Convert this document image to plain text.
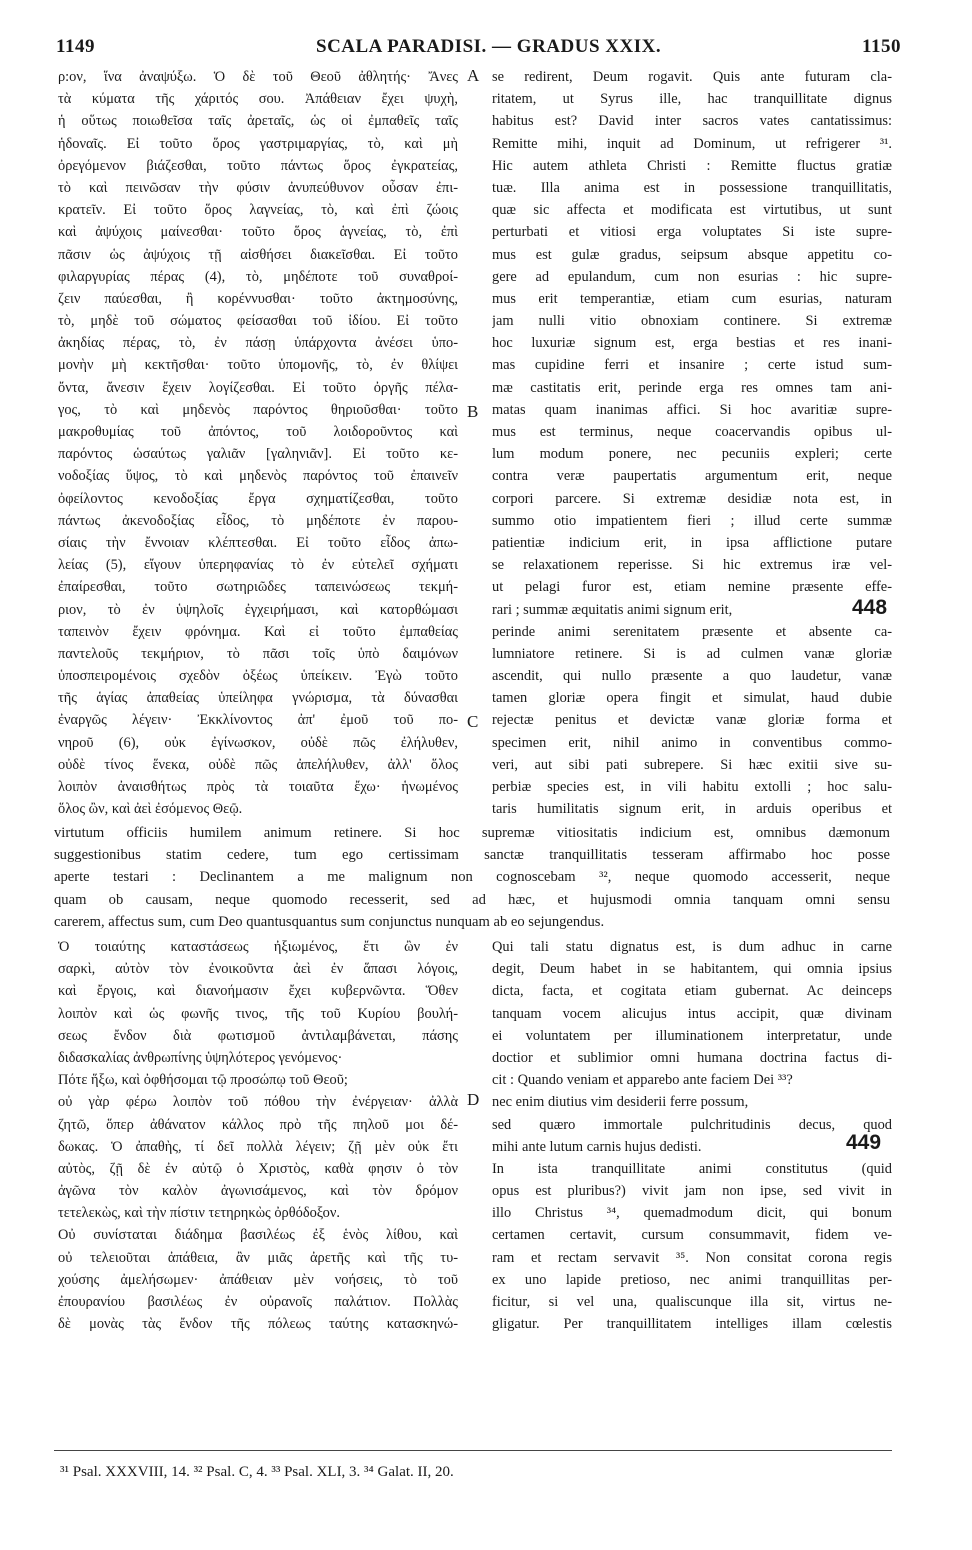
1149	SCALA PARADISI. — GRADUS XXIX.	1150
ρ:ον, ἵνα ἀναψύξω. Ὁ δὲ τοῦ Θεοῦ ἀθλητής· Ἄνες
τὰ κύματα τῆς χάριτός σου. Ἀπάθειαν ἔχει ψυχὴ,
ἡ οὕτως ποιωθεῖσα ταῖς ἀρεταῖς, ὡς οἱ ἐμπαθεῖς ταῖς
ἡδοναῖς. Εἰ τοῦτο ὅρος γαστριμαργίας, τὸ, καὶ μὴ
ὀρεγόμενον βιάζεσθαι, τοῦτο πάντως ὅρος ἐγκρατείας,
τὸ καὶ πεινῶσαν τὴν φύσιν ἀνυπεύθυνον οὖσαν ἐπι-
κρατεῖν. Εἰ τοῦτο ὅρος λαγνείας, τὸ, καὶ ἐπὶ ζώοις
καὶ ἀψύχοις μαίνεσθαι· τοῦτο ὅρος ἁγνείας, τὸ, ἐπὶ
πᾶσιν ὡς ἀψύχοις τῇ αἰσθήσει διακεῖσθαι. Εἰ τοῦτο
φιλαργυρίας πέρας (4), τὸ, μηδέποτε τοῦ συναθροί-
ζειν παύεσθαι, ἢ κορέννυσθαι· τοῦτο ἀκτημοσύνης,
τὸ, μηδὲ τοῦ σώματος φείσασθαι τοῦ ἰδίου. Εἰ τοῦτο
ἀκηδίας πέρας, τὸ, ἐν πάσῃ ὑπάρχοντα ἀνέσει ὑπο-
μονὴν μὴ κεκτῆσθαι· τοῦτο ὑπομονῆς, τὸ, ἐν θλίψει
ὄντα, ἄνεσιν ἔχειν λογίζεσθαι. Εἰ τοῦτο ὀργῆς πέλα-
γος, τὸ καὶ μηδενὸς παρόντος θηριοῦσθαι· τοῦτο
μακροθυμίας τοῦ ἀπόντος, τοῦ λοιδοροῦντος καὶ
παρόντος ὡσαύτως γαλιᾶν [γαληνιᾶν]. Εἰ τοῦτο κε-
νοδοξίας ὕψος, τὸ καὶ μηδενὸς παρόντος τοῦ ἐπαινεῖν
ὀφείλοντος κενοδοξίας ἔργα σχηματίζεσθαι, τοῦτο
πάντως ἀκενοδοξίας εἶδος, τὸ μηδέποτε ἐν παρου-
σίαις τὴν ἔννοιαν κλέπτεσθαι. Εἰ τοῦτο εἶδος ἀπω-
λείας (5), εἴγουν ὑπερηφανίας τὸ ἐν εὐτελεῖ σχήματι
ἐπαίρεσθαι, τοῦτο σωτηριῶδες ταπεινώσεως τεκμή-
ριον, τὸ ἐν ὑψηλοῖς ἐγχειρήμασι, καὶ κατορθώμασι
ταπεινὸν ἔχειν φρόνημα. Καὶ εἰ τοῦτο ἐμπαθείας
παντελοῦς τεκμήριον, τὸ πᾶσι τοῖς ὑπὸ δαιμόνων
ὑποσπειρομένοις σχεδὸν ὀξέως ὑπείκειν. Ἐγὼ τοῦτο
τῆς ἁγίας ἀπαθείας ὑπείληφα γνώρισμα, τὰ δύνασθαι
ἐναργῶς λέγειν· Ἐκκλίνοντος ἀπ' ἐμοῦ τοῦ πο-
νηροῦ (6), οὐκ ἐγίνωσκον, οὐδὲ πῶς ἐλήλυθεν,
οὐδὲ τίνος ἕνεκα, οὐδὲ πῶς ἀπελήλυθεν, ἀλλ' ὅλος
λοιπὸν ἀναισθήτως πρὸς τὰ τοιαῦτα ἔχω· ἡνωμένος
ὅλος ὢν, καὶ ἀεὶ ἐσόμενος Θεῷ.
se redirent, Deum rogavit. Quis ante futuram cla-
ritatem, ut Syrus ille, hac tranquillitate dignus
habitus est? David inter sacros vates cantatissimus:
Remitte mihi, inquit ad Dominum, ut refrigerer ³¹.
Hic autem athleta Christi : Remitte fluctus gratiæ
tuæ. Illa anima est in possessione tranquillitatis,
quæ sic affecta et modificata est virtutibus, ut sunt
perturbati et vitiosi erga voluptates Si iste supre-
mus est gulæ gradus, seipsum absque appetitu co-
gere ad epulandum, cum non esurias : hic supre-
mus erit temperantiæ, etiam cum esurias, naturam
jam nulli vitio obnoxiam continere. Si extremæ
hoc luxuriæ signum est, erga bestias et res inani-
mas cupidine ferri et insanire ; certe istud sum-
mæ castitatis erit, perinde erga res omnes tam ani-
matas quam inanimas affici. Si hoc avaritiæ supre-
mus est terminus, neque coacervandis opibus ul-
lum modum ponere, nec pecuniis expleri; certe
contra veræ paupertatis argumentum erit, neque
corpori parcere. Si extremæ desidiæ nota est, in
summo otio impatientem fieri ; illud certe summæ
patientiæ indicium erit, in ipsa afflictione putare
se relaxationem reperisse. Si hic extremus iræ vel-
ut pelagi furor est, etiam nemine præsente effe-
rari ; summæ æquitatis animi signum erit,
perinde animi serenitatem præsente et absente ca-
lumniatore retinere. Si is ad culmen vanæ gloriæ
ascendit, qui nullo præsente a quo laudetur, vanæ
tamen gloriæ opera fingit et simulat, haud dubie
rejectæ penitus et devictæ vanæ gloriæ forma et
specimen erit, nihil animo in conventibus commo-
veri, aut sibi pati subrepere. Si hæc exitii sive su-
perbiæ species est, in vili habitu extolli ; hoc salu-
taris humilitatis signum erit, in arduis operibus et
virtutum officiis humilem animum retinere. Si hoc supremæ vitiositatis indicium est, omnibus dæmonum
suggestionibus statim cedere, tum ego certissimam sanctæ tranquillitatis tesseram affirmabo hoc posse
aperte testari : Declinantem a me malignum non cognoscebam ³², neque quomodo accesserit, neque
quam ob causam, neque quomodo recesserit, sed ad hæc, et hujusmodi omnia tanquam omni sensu
carerem, affectus sum, cum Deo quantusquantus sum conjunctus nunquam ab eo sejungendus.
Ὁ τοιαύτης καταστάσεως ἠξιωμένος, ἔτι ὢν ἐν
σαρκὶ, αὐτὸν τὸν ἐνοικοῦντα ἀεὶ ἐν ἅπασι λόγοις,
καὶ ἔργοις, καὶ διανοήμασιν ἔχει κυβερνῶντα. Ὅθεν
λοιπὸν καὶ ὡς φωνῆς τινος, τῆς τοῦ Κυρίου βουλή-
σεως ἔνδον διὰ φωτισμοῦ ἀντιλαμβάνεται, πάσης
διδασκαλίας ἀνθρωπίνης ὑψηλότερος γενόμενος·
Πότε ἥξω, καὶ ὀφθήσομαι τῷ προσώπῳ τοῦ Θεοῦ;
οὐ γὰρ φέρω λοιπὸν τοῦ πόθου τὴν ἐνέργειαν· ἀλλὰ
ζητῶ, ὅπερ ἀθάνατον κάλλος πρὸ τῆς πηλοῦ μοι δέ-
δωκας. Ὁ ἀπαθὴς, τί δεῖ πολλὰ λέγειν; ζῇ μὲν οὐκ ἔτι
αὐτὸς, ζῇ δὲ ἐν αὐτῷ ὁ Χριστὸς, καθὰ φησιν ὁ τὸν
ἀγῶνα τὸν καλὸν ἀγωνισάμενος, καὶ τὸν δρόμον
τετελεκὼς, καὶ τὴν πίστιν τετηρηκὼς ὀρθόδοξον.
Οὐ συνίσταται διάδημα βασιλέως ἐξ ἑνὸς λίθου, καὶ
οὐ τελειοῦται ἀπάθεια, ἂν μιᾶς ἀρετῆς καὶ τῆς τυ-
χούσης ἀμελήσωμεν· ἀπάθειαν μὲν νοήσεις, τὸ τοῦ
ἐπουρανίου βασιλέως ἐν οὐρανοῖς παλάτιον. Πολλὰς
δὲ μονὰς τὰς ἔνδον τῆς πόλεως ταύτης κατασκηνώ-
Qui tali statu dignatus est, is dum adhuc in carne
degit, Deum habet in se habitantem, qui omnia ipsius
dicta, facta, et cogitata etiam gubernat. Ac deinceps
tanquam vocem alicujus intus accipit, quæ divinam
ei voluntatem per illuminationem interpretatur, unde
doctior et sublimior omni humana doctrina factus di-
cit : Quando veniam et apparebo ante faciem Dei ³³?
nec enim diutius vim desiderii ferre possum,
sed quæro immortale pulchritudinis decus, quod
mihi ante lutum carnis hujus dedisti.
In ista tranquillitate animi constitutus (quid
opus est pluribus?) vivit jam non ipse, sed vivit in
illo Christus ³⁴, quemadmodum dicit, qui bonum
certamen certavit, cursum consummavit, fidem ve-
ram et rectam servavit ³⁵. Non consitat corona regis
ex uno lapide pretioso, nec animi tranquillitas per-
ficitur, si vel una, qualiscunque illa sit, virtus ne-
gligatur. Per tranquillitatem intelliges illam cœlestis
A
B
C
D
448
449
³¹ Psal. XXXVIII, 14. ³² Psal. C, 4. ³³ Psal. XLI, 3. ³⁴ Galat. II, 20.
